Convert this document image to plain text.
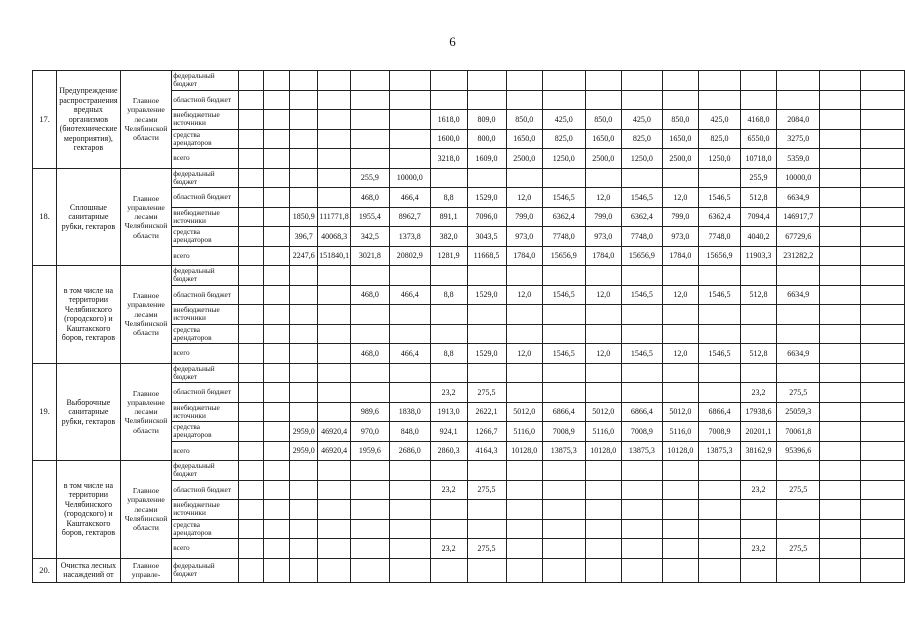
6
17.	Предупреждение распространения вредных организмов (биотехнические мероприятия), гектаров	Главное управление лесами Челябинской области	федеральный бюджет																		
			областной бюджет																		
			внебюджетные источники							1618,0	809,0	850,0	425,0	850,0	425,0	850,0	425,0	4168,0	2084,0		
			средства арендаторов							1600,0	800,0	1650,0	825,0	1650,0	825,0	1650,0	825,0	6550,0	3275,0		
			всего							3218,0	1609,0	2500,0	1250,0	2500,0	1250,0	2500,0	1250,0	10718,0	5359,0		
18.	Сплошные санитарные рубки, гектаров	Главное управление лесами Челябинской области	федеральный бюджет					255,9	10000,0									255,9	10000,0		
			областной бюджет					468,0	466,4	8,8	1529,0	12,0	1546,5	12,0	1546,5	12,0	1546,5	512,8	6634,9		
			внебюджетные источники			1850,9	111771,8	1955,4	8962,7	891,1	7096,0	799,0	6362,4	799,0	6362,4	799,0	6362,4	7094,4	146917,7		
			средства арендаторов			396,7	40068,3	342,5	1373,8	382,0	3043,5	973,0	7748,0	973,0	7748,0	973,0	7748,0	4040,2	67729,6		
			всего			2247,6	151840,1	3021,8	20802,9	1281,9	11668,5	1784,0	15656,9	1784,0	15656,9	1784,0	15656,9	11903,3	231282,2		
	в том числе на территории Челябинского (городского) и Каштакского боров, гектаров	Главное управление лесами Челябинской области	федеральный бюджет																		
			областной бюджет					468,0	466,4	8,8	1529,0	12,0	1546,5	12,0	1546,5	12,0	1546,5	512,8	6634,9		
			внебюджетные источники																		
			средства арендаторов																		
			всего					468,0	466,4	8,8	1529,0	12,0	1546,5	12,0	1546,5	12,0	1546,5	512,8	6634,9		
19.	Выборочные санитарные рубки, гектаров	Главное управление лесами Челябинской области	федеральный бюджет																		
			областной бюджет							23,2	275,5							23,2	275,5		
			внебюджетные источники					989,6	1838,0	1913,0	2622,1	5012,0	6866,4	5012,0	6866,4	5012,0	6866,4	17938,6	25059,3		
			средства арендаторов			2959,0	46920,4	970,0	848,0	924,1	1266,7	5116,0	7008,9	5116,0	7008,9	5116,0	7008,9	20201,1	70061,8		
			всего			2959,0	46920,4	1959,6	2686,0	2860,3	4164,3	10128,0	13875,3	10128,0	13875,3	10128,0	13875,3	38162,9	95396,6		
	в том числе на территории Челябинского (городского) и Каштакского боров, гектаров	Главное управление лесами Челябинской области	федеральный бюджет																		
			областной бюджет							23,2	275,5							23,2	275,5		
			внебюджетные источники																		
			средства арендаторов																		
			всего							23,2	275,5							23,2	275,5		
20.	Очистка лесных насаждений от	Главное управле-	федеральный бюджет																		
